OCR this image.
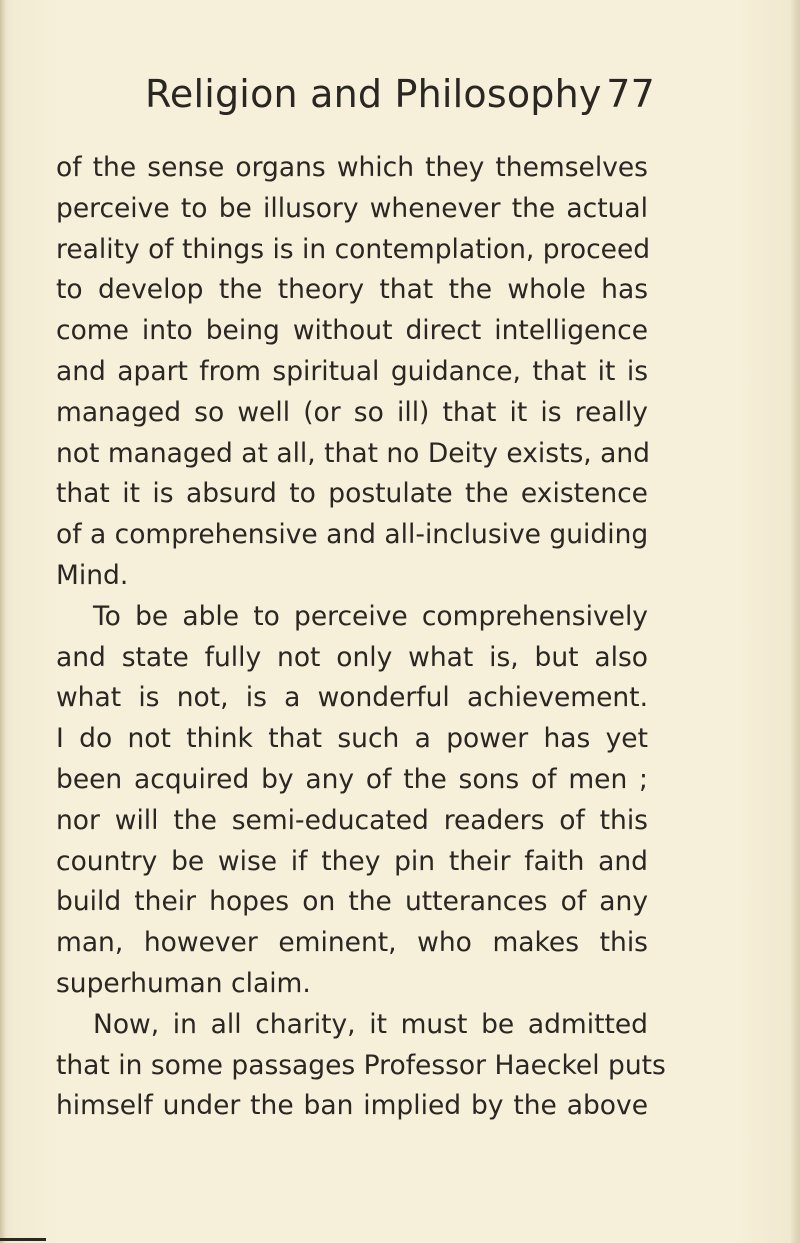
Religion and Philosophy 77
of the sense organs which they themselves
perceive to be illusory whenever the actual
reality of things is in contemplation, proceed
to develop the theory that the whole has
come into being without direct intelligence
and apart from spiritual guidance, that it is
managed so well (or so ill) that it is really
not managed at all, that no Deity exists, and
that it is absurd to postulate the existence
of a comprehensive and all-inclusive guiding
Mind.
To be able to perceive comprehensively
and state fully not only what is, but also
what is not, is a wonderful achievement.
I do not think that such a power has yet
been acquired by any of the sons of men ;
nor will the semi-educated readers of this
country be wise if they pin their faith and
build their hopes on the utterances of any
man, however eminent, who makes this
superhuman claim.
Now, in all charity, it must be admitted
that in some passages Professor Haeckel puts
himself under the ban implied by the above
